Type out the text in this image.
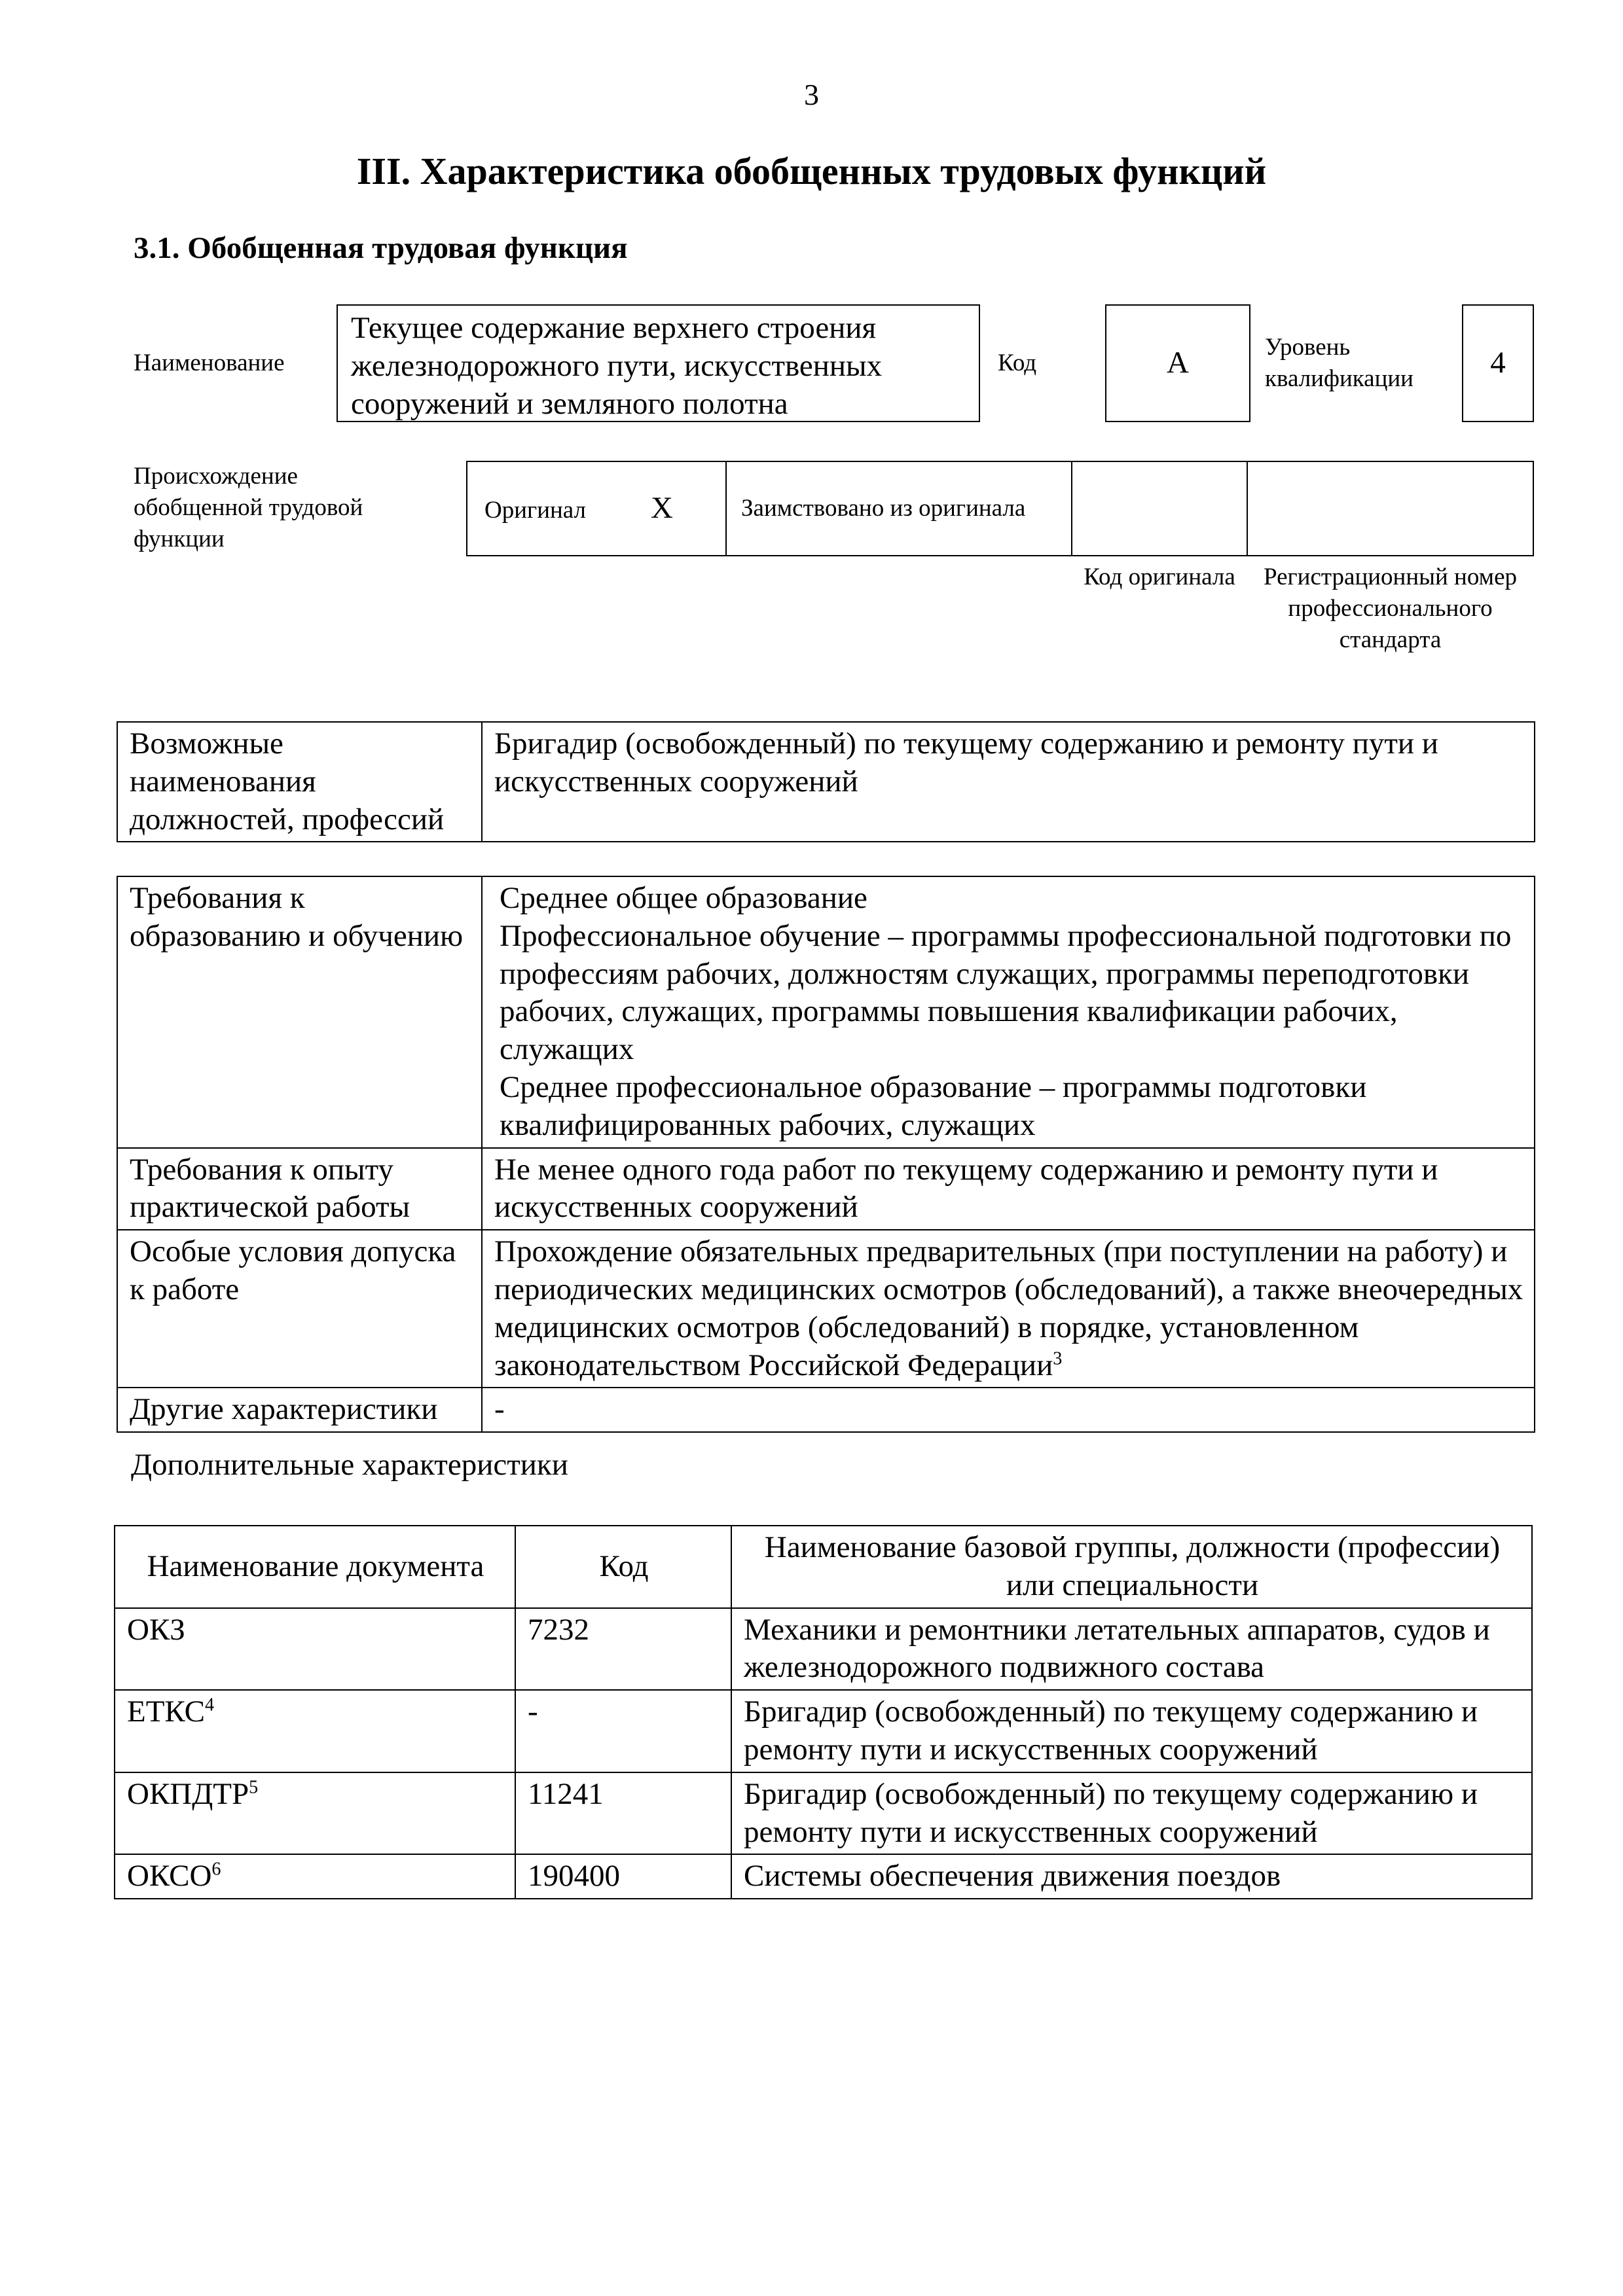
3
III. Характеристика обобщенных трудовых функций
3.1. Обобщенная трудовая функция
Наименование
Текущее содержание верхнего строения железнодорожного пути, искусственных сооружений и земляного полотна
Код	А	Уровень квалификации	4
Происхождение обобщенной трудовой функции
Оригинал X	Заимствовано из оригинала
Код оригинала	Регистрационный номер профессионального стандарта
Возможные наименования должностей, профессий	Бригадир (освобожденный) по текущему содержанию и ремонту пути и искусственных сооружений
Требования к образованию и обучению	Среднее общее образование
Профессиональное обучение – программы профессиональной подготовки по профессиям рабочих, должностям служащих, программы переподготовки рабочих, служащих, программы повышения квалификации рабочих, служащих
Среднее профессиональное образование – программы подготовки квалифицированных рабочих, служащих

Требования к опыту практической работы	Не менее одного года работ по текущему содержанию и ремонту пути и искусственных сооружений
Особые условия допуска к работе	Прохождение обязательных предварительных (при поступлении на работу) и периодических медицинских осмотров (обследований), а также внеочередных медицинских осмотров (обследований) в порядке, установленном законодательством Российской Федерации$^3$
Другие характеристики	-
Дополнительные характеристики
Наименование документа	Код	Наименование базовой группы, должности (профессии) или специальности
ОКЗ	7232	Механики и ремонтники летательных аппаратов, судов и железнодорожного подвижного состава
ЕТКС$^4$	-	Бригадир (освобожденный) по текущему содержанию и ремонту пути и искусственных сооружений
ОКПДТР$^5$	11241	Бригадир (освобожденный) по текущему содержанию и ремонту пути и искусственных сооружений
ОКСО$^6$	190400	Системы обеспечения движения поездов
